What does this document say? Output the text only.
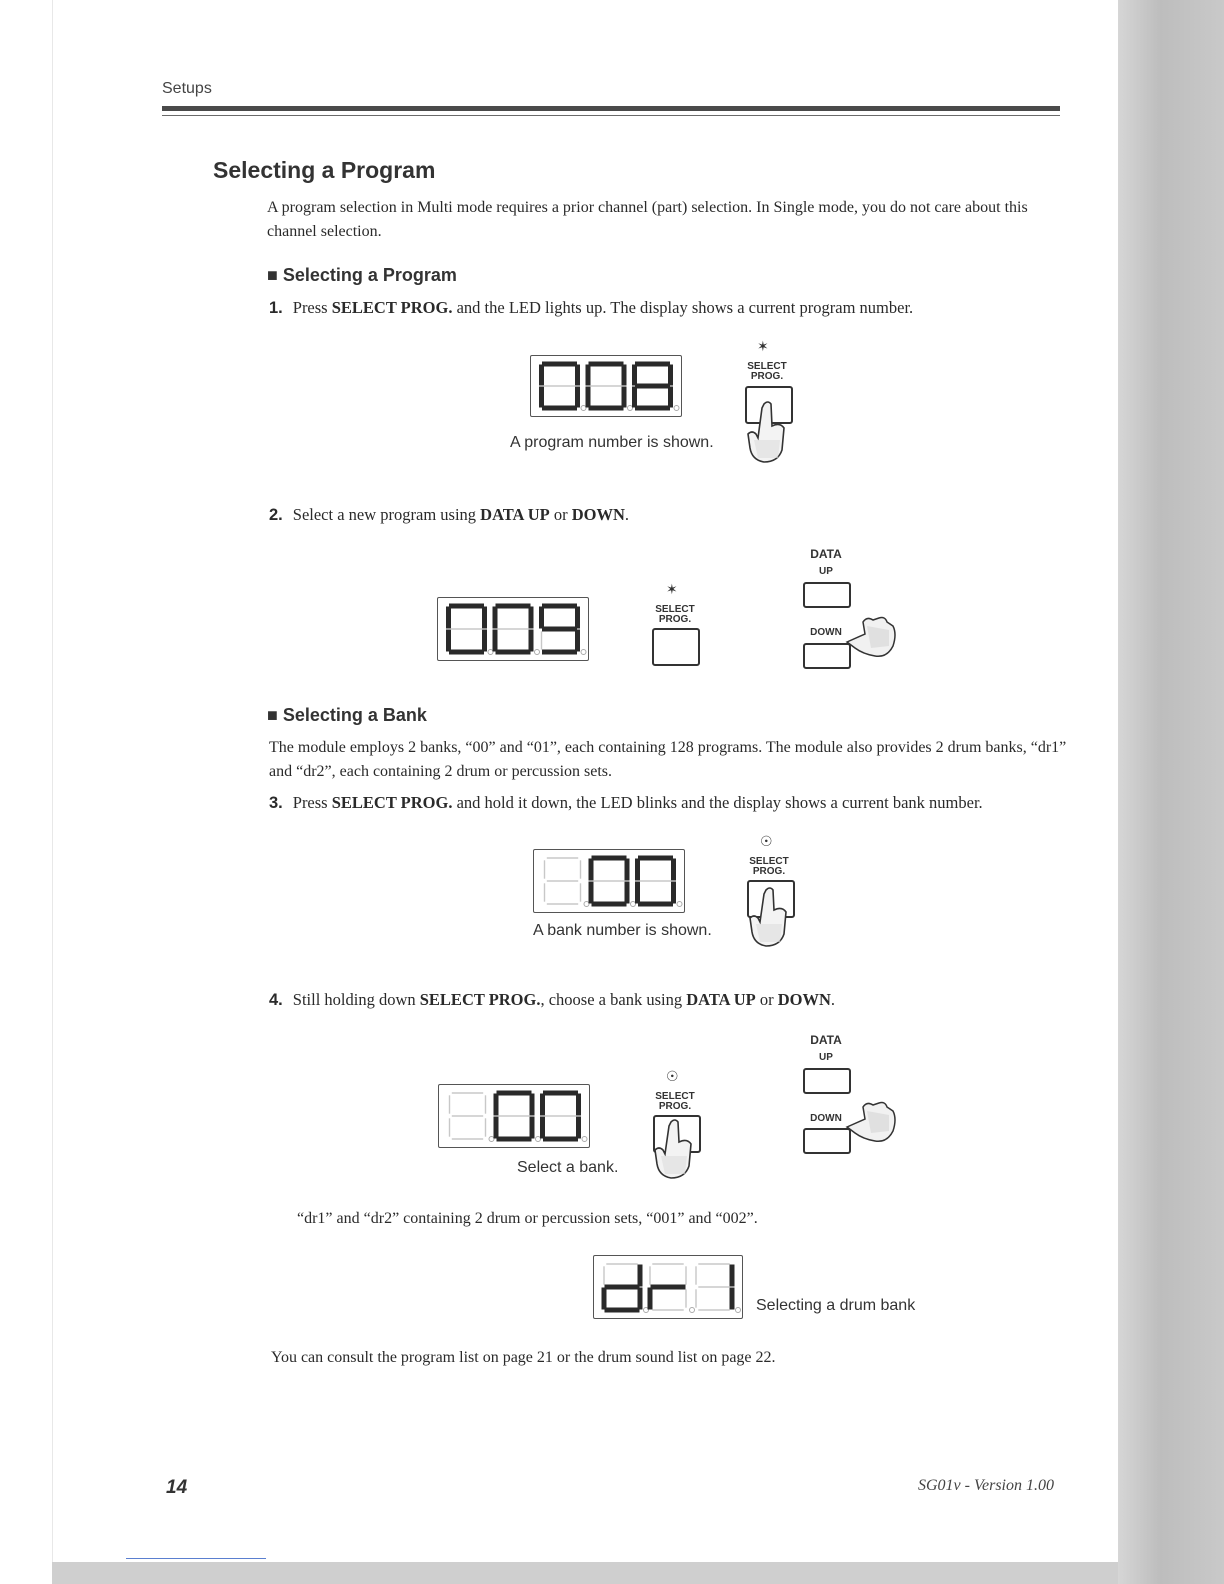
Setups
Selecting a Program
A program selection in Multi mode requires a prior channel (part) selection. In Single mode, you do not care about this channel selection.
■ Selecting a Program
1. Press SELECT PROG. and the LED lights up. The display shows a current program number.
A program number is shown.
✶
SELECT
PROG.
2. Select a new program using DATA UP or DOWN.
✶
SELECT
PROG.
DATA
UP
DOWN
■ Selecting a Bank
The module employs 2 banks, “00” and “01”, each containing 128 programs. The module also provides 2 drum banks, “dr1” and “dr2”, each containing 2 drum or percussion sets.
3. Press SELECT PROG. and hold it down, the LED blinks and the display shows a current bank number.
A bank number is shown.
☉
SELECT
PROG.
4. Still holding down SELECT PROG., choose a bank using DATA UP or DOWN.
Select a bank.
☉
SELECT
PROG.
DATA
UP
DOWN
“dr1” and “dr2” containing 2 drum or percussion sets, “001” and “002”.
Selecting a drum bank
You can consult the program list on page 21 or the drum sound list on page 22.
14	SG01v - Version 1.00
